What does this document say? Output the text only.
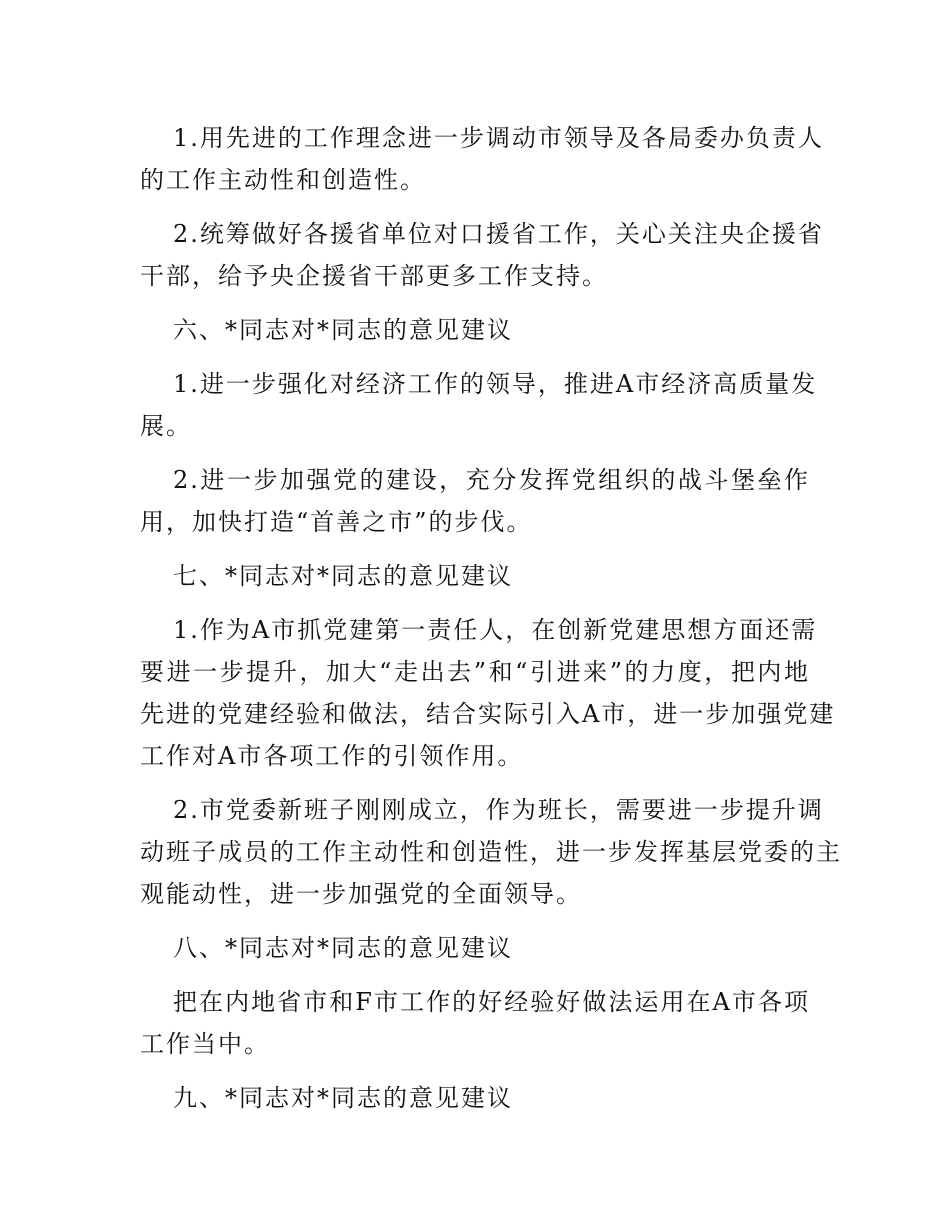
1.用先进的工作理念进一步调动市领导及各局委办负责人
的工作主动性和创造性。
2.统筹做好各援省单位对口援省工作，关心关注央企援省
干部，给予央企援省干部更多工作支持。
六、*同志对*同志的意见建议
1.进一步强化对经济工作的领导，推进A市经济高质量发
展。
2.进一步加强党的建设，充分发挥党组织的战斗堡垒作
用，加快打造“首善之市”的步伐。
七、*同志对*同志的意见建议
1.作为A市抓党建第一责任人，在创新党建思想方面还需
要进一步提升，加大“走出去”和“引进来”的力度，把内地
先进的党建经验和做法，结合实际引入A市，进一步加强党建
工作对A市各项工作的引领作用。
2.市党委新班子刚刚成立，作为班长，需要进一步提升调
动班子成员的工作主动性和创造性，进一步发挥基层党委的主
观能动性，进一步加强党的全面领导。
八、*同志对*同志的意见建议
把在内地省市和F市工作的好经验好做法运用在A市各项
工作当中。
九、*同志对*同志的意见建议
